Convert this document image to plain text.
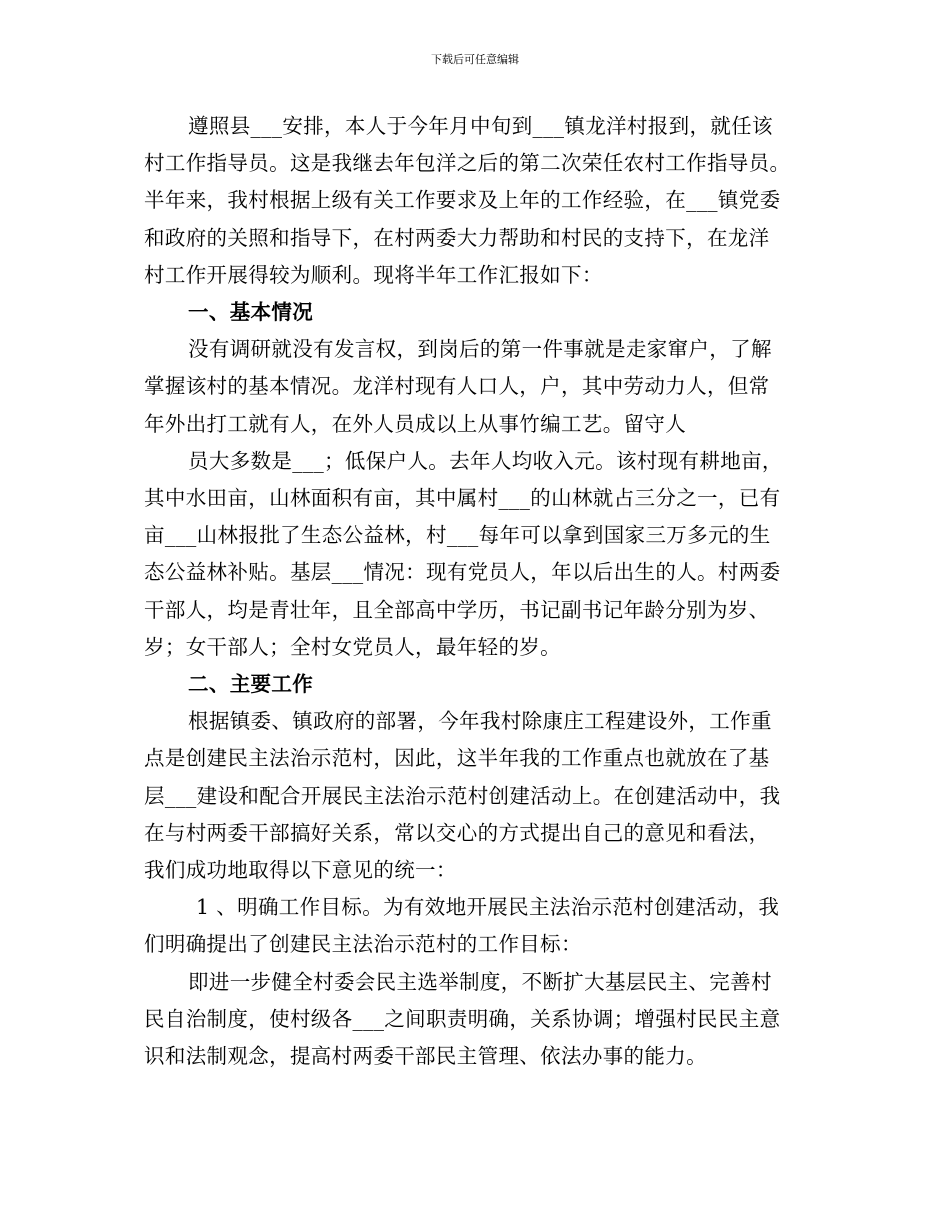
下载后可任意编辑

遵照县___安排，本人于今年月中旬到___镇龙洋村报到，就任该

村工作指导员。这是我继去年包洋之后的第二次荣任农村工作指导员。

半年来，我村根据上级有关工作要求及上年的工作经验，在___镇党委

和政府的关照和指导下，在村两委大力帮助和村民的支持下，在龙洋

村工作开展得较为顺利。现将半年工作汇报如下：

一、基本情况

没有调研就没有发言权，到岗后的第一件事就是走家窜户，了解

掌握该村的基本情况。龙洋村现有人口人，户，其中劳动力人，但常

年外出打工就有人，在外人员成以上从事竹编工艺。留守人

员大多数是___；低保户人。去年人均收入元。该村现有耕地亩，

其中水田亩，山林面积有亩，其中属村___的山林就占三分之一，已有

亩___山林报批了生态公益林，村___每年可以拿到国家三万多元的生

态公益林补贴。基层___情况：现有党员人，年以后出生的人。村两委

干部人，均是青壮年，且全部高中学历，书记副书记年龄分别为岁、

岁；女干部人；全村女党员人，最年轻的岁。

二、主要工作

根据镇委、镇政府的部署，今年我村除康庄工程建设外，工作重

点是创建民主法治示范村，因此，这半年我的工作重点也就放在了基

层___建设和配合开展民主法治示范村创建活动上。在创建活动中，我

在与村两委干部搞好关系，常以交心的方式提出自己的意见和看法，

我们成功地取得以下意见的统一：

1 、明确工作目标。为有效地开展民主法治示范村创建活动，我

们明确提出了创建民主法治示范村的工作目标：

即进一步健全村委会民主选举制度，不断扩大基层民主、完善村

民自治制度，使村级各___之间职责明确，关系协调；增强村民民主意

识和法制观念，提高村两委干部民主管理、依法办事的能力。
